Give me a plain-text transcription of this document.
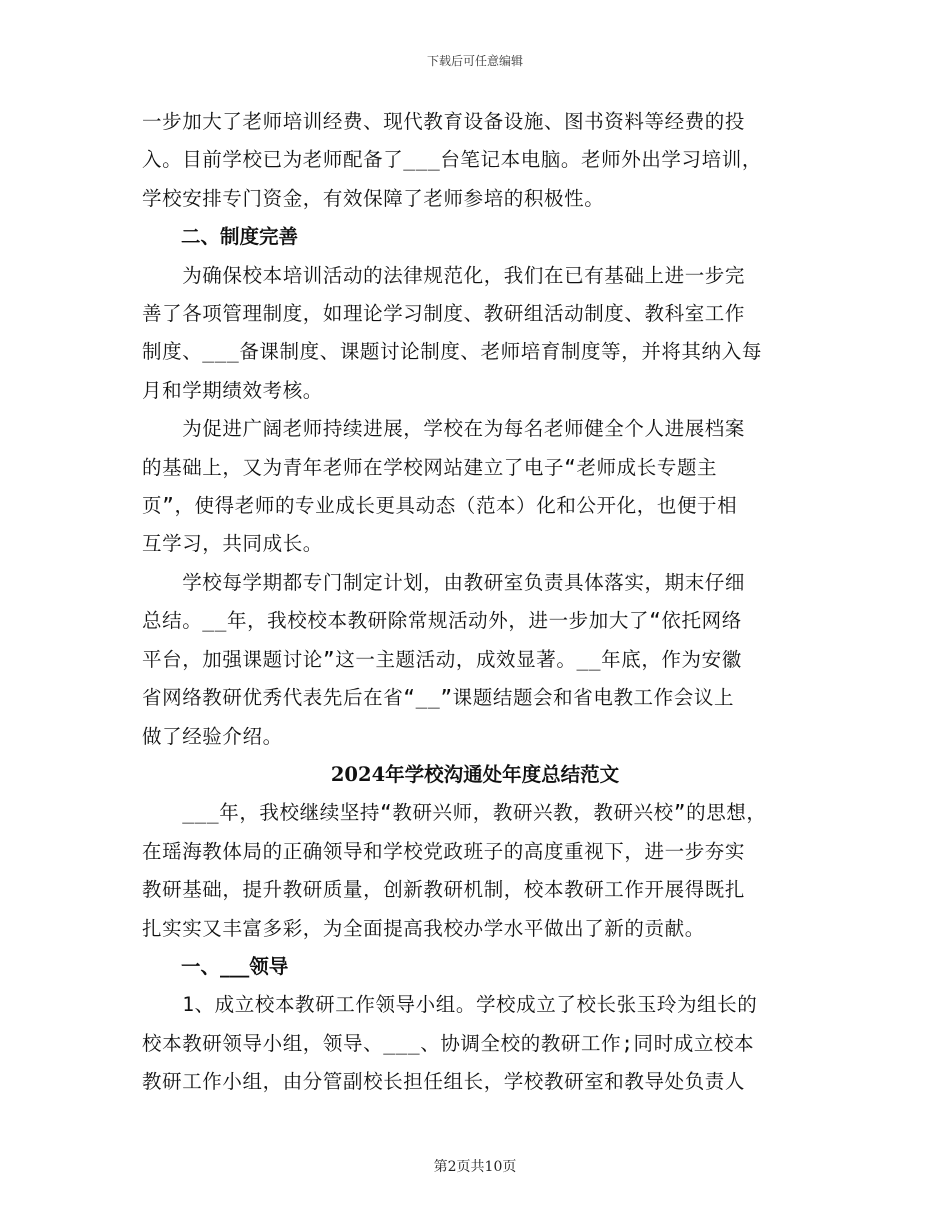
下载后可任意编辑

一步加大了老师培训经费、现代教育设备设施、图书资料等经费的投
入。目前学校已为老师配备了___台笔记本电脑。老师外出学习培训，
学校安排专门资金，有效保障了老师参培的积极性。

二、制度完善

　　为确保校本培训活动的法律规范化，我们在已有基础上进一步完
善了各项管理制度，如理论学习制度、教研组活动制度、教科室工作
制度、___备课制度、课题讨论制度、老师培育制度等，并将其纳入每
月和学期绩效考核。

　　为促进广阔老师持续进展，学校在为每名老师健全个人进展档案
的基础上，又为青年老师在学校网站建立了电子“老师成长专题主
页”，使得老师的专业成长更具动态（范本）化和公开化，也便于相
互学习，共同成长。

　　学校每学期都专门制定计划，由教研室负责具体落实，期末仔细
总结。__年，我校校本教研除常规活动外，进一步加大了“依托网络
平台，加强课题讨论”这一主题活动，成效显著。__年底，作为安徽
省网络教研优秀代表先后在省“__”课题结题会和省电教工作会议上
做了经验介绍。

2024年学校沟通处年度总结范文

　　___年，我校继续坚持“教研兴师，教研兴教，教研兴校”的思想，
在瑶海教体局的正确领导和学校党政班子的高度重视下，进一步夯实
教研基础，提升教研质量，创新教研机制，校本教研工作开展得既扎
扎实实又丰富多彩，为全面提高我校办学水平做出了新的贡献。

一、___领导

　　1、成立校本教研工作领导小组。学校成立了校长张玉玲为组长的
校本教研领导小组，领导、___、协调全校的教研工作;同时成立校本
教研工作小组，由分管副校长担任组长，学校教研室和教导处负责人

第2页共10页
